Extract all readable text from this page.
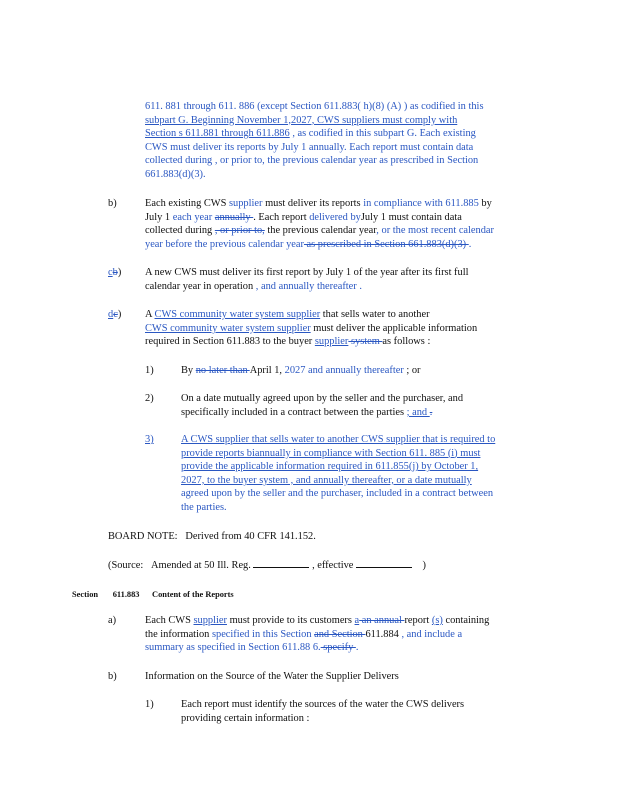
611. 881 through 611. 886 (except Section 611.883( h)(8) (A) ) as codified in this
subpart G. Beginning November 1,2027, CWS suppliers must comply with
Section s 611.881 through 611.886 , as codified in this subpart G. Each existing
CWS must deliver its reports by July 1 annually. Each report must contain data
collected during , or prior to, the previous calendar year as prescribed in Section
661.883(d)(3).
b)	Each existing CWS supplier must deliver its reports in compliance with 611.885 by
July 1 each year annually . Each report delivered byJuly 1 must contain data
collected during , or prior to, the previous calendar year, or the most recent calendar
year before the previous calendar year as prescribed in Section 661.883(d)(3) .
cb) A new CWS must deliver its first report by July 1 of the year after its first full
calendar year in operation , and annually thereafter .
dc) A CWS community water system supplier that sells water to another
CWS community water system supplier must deliver the applicable information
required in Section 611.883 to the buyer supplier system as follows :
1)	By no later than April 1, 2027 and annually thereafter ; or
2)	On a date mutually agreed upon by the seller and the purchaser, and
specifically included in a contract between the parties ; and .
3)	A CWS supplier that sells water to another CWS supplier that is required to
provide reports biannually in compliance with Section 611. 885 (i) must
provide the applicable information required in 611.855(j) by October 1,
2027, to the buyer system , and annually thereafter, or a date mutually
agreed upon by the seller and the purchaser, included in a contract between
the parties.
BOARD NOTE: Derived from 40 CFR 141.152.
(Source: Amended at 50 Ill. Reg.	, effective	)
Section 611.883 Content of the Reports
a)	Each CWS supplier must provide to its customers a an annual report (s) containing
the information specified in this Section and Section 611.884 , and include a
summary as specified in Section 611.88 6. specify .
b)	Information on the Source of the Water the Supplier Delivers
1)	Each report must identify the sources of the water the CWS delivers
providing certain information :
